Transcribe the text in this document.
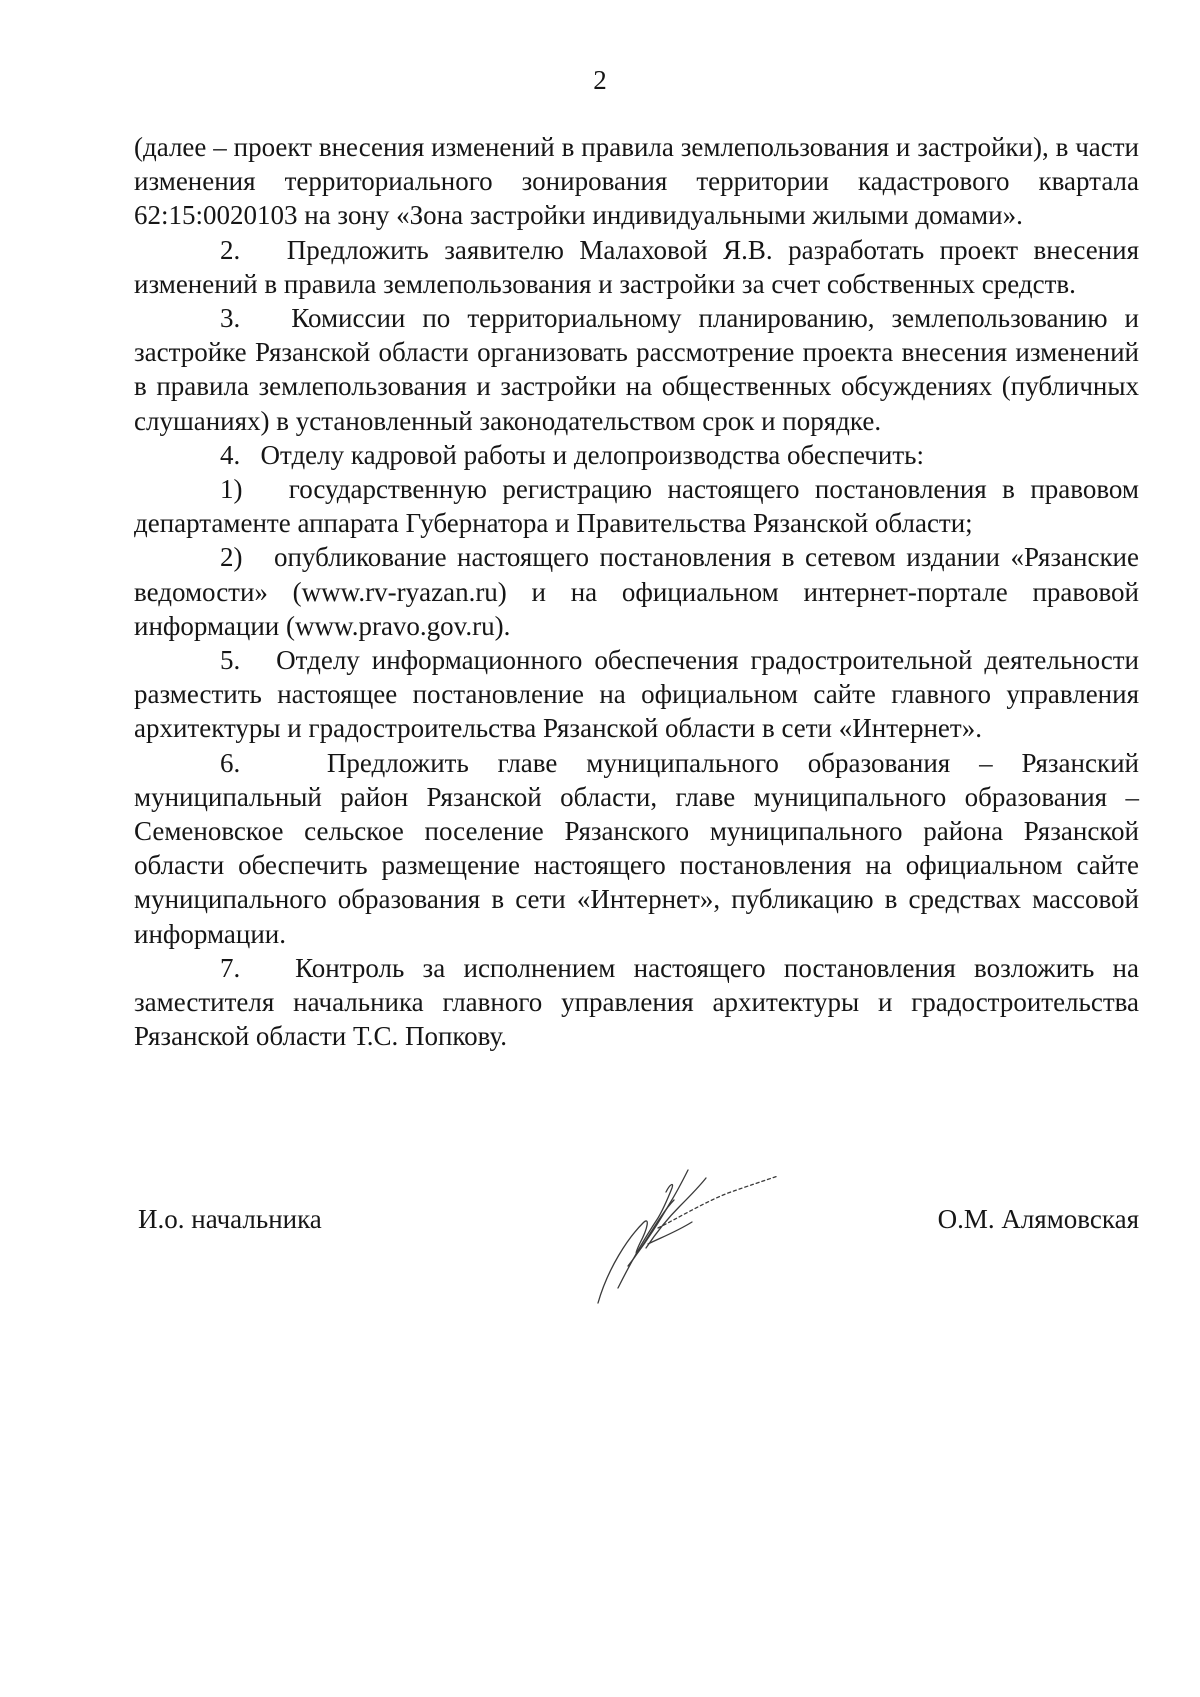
2

(далее – проект внесения изменений в правила землепользования и застройки), в части изменения территориального зонирования территории кадастрового квартала 62:15:0020103 на зону «Зона застройки индивидуальными жилыми домами».

2.   Предложить заявителю Малаховой Я.В. разработать проект внесения изменений в правила землепользования и застройки за счет собственных средств.

3.   Комиссии по территориальному планированию, землепользованию и застройке Рязанской области организовать рассмотрение проекта внесения изменений в правила землепользования и застройки на общественных обсуждениях (публичных слушаниях) в установленный законодательством срок и порядке.

4.   Отделу кадровой работы и делопроизводства обеспечить:

1)   государственную регистрацию настоящего постановления в правовом департаменте аппарата Губернатора и Правительства Рязанской области;

2)   опубликование настоящего постановления в сетевом издании «Рязанские ведомости» (www.rv-ryazan.ru) и на официальном интернет-портале правовой информации (www.pravo.gov.ru).

5.   Отделу информационного обеспечения градостроительной деятельности разместить настоящее постановление на официальном сайте главного управления архитектуры и градостроительства Рязанской области в сети «Интернет».

6.   Предложить главе муниципального образования – Рязанский муниципальный район Рязанской области, главе муниципального образования – Семеновское сельское поселение Рязанского муниципального района Рязанской области обеспечить размещение настоящего постановления на официальном сайте муниципального образования в сети «Интернет», публикацию в средствах массовой информации.

7.   Контроль за исполнением настоящего постановления возложить на заместителя начальника главного управления архитектуры и градостроительства Рязанской области Т.С. Попкову.

И.о. начальника	О.М. Алямовская
